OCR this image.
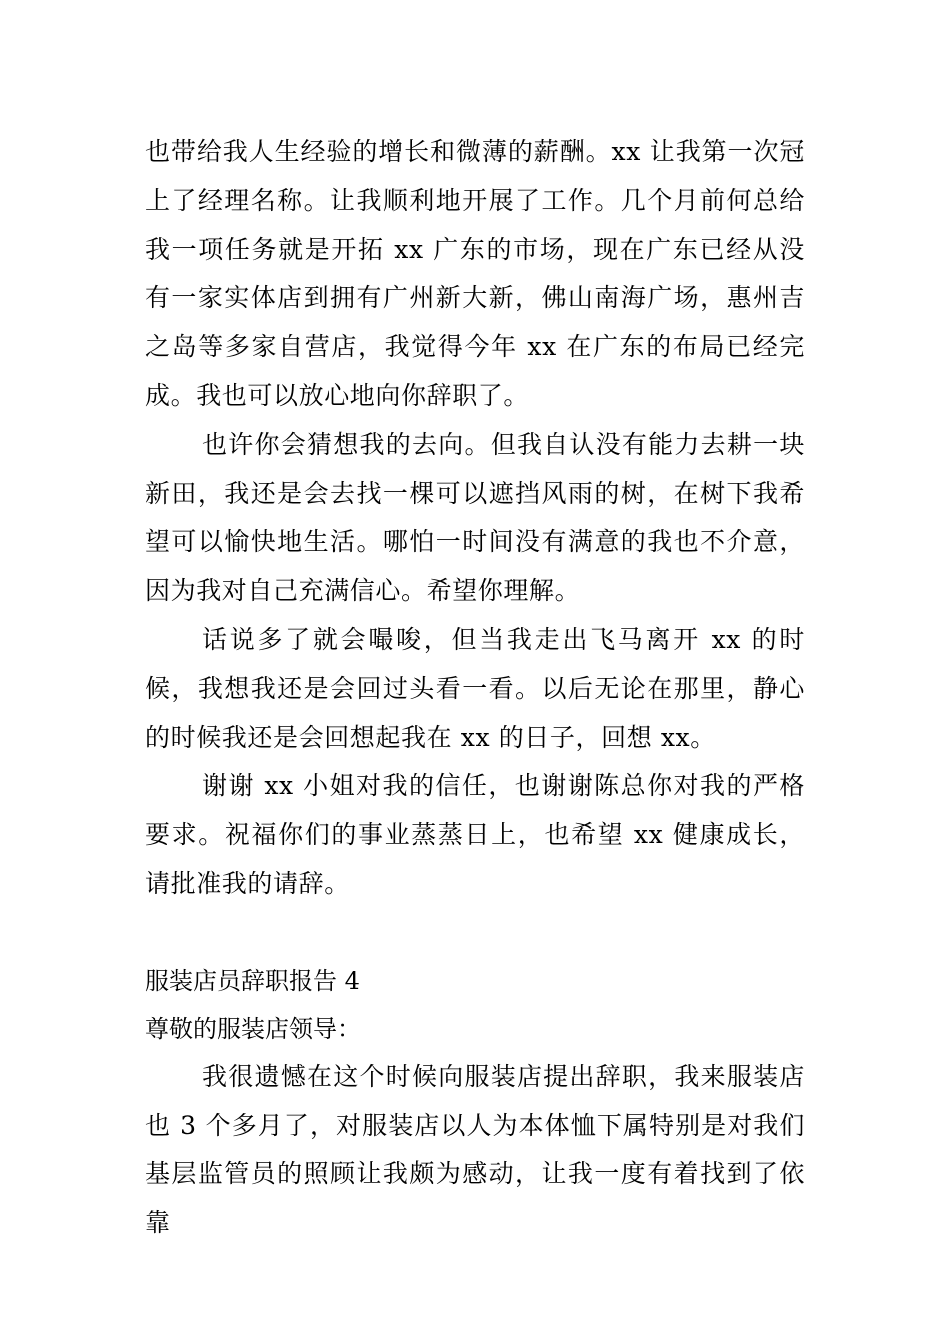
也带给我人生经验的增长和微薄的薪酬。xx 让我第一次冠上了经理名称。让我顺利地开展了工作。几个月前何总给我一项任务就是开拓 xx 广东的市场，现在广东已经从没有一家实体店到拥有广州新大新，佛山南海广场，惠州吉之岛等多家自营店，我觉得今年 xx 在广东的布局已经完成。我也可以放心地向你辞职了。

也许你会猜想我的去向。但我自认没有能力去耕一块新田，我还是会去找一棵可以遮挡风雨的树，在树下我希望可以愉快地生活。哪怕一时间没有满意的我也不介意，因为我对自己充满信心。希望你理解。

话说多了就会嘬唆，但当我走出飞马离开 xx 的时候，我想我还是会回过头看一看。以后无论在那里，静心的时候我还是会回想起我在 xx 的日子，回想 xx。

谢谢 xx 小姐对我的信任，也谢谢陈总你对我的严格要求。祝福你们的事业蒸蒸日上，也希望 xx 健康成长，请批准我的请辞。

服装店员辞职报告 4

尊敬的服装店领导：

我很遗憾在这个时候向服装店提出辞职，我来服装店也 3 个多月了，对服装店以人为本体恤下属特别是对我们基层监管员的照顾让我颇为感动，让我一度有着找到了依靠
